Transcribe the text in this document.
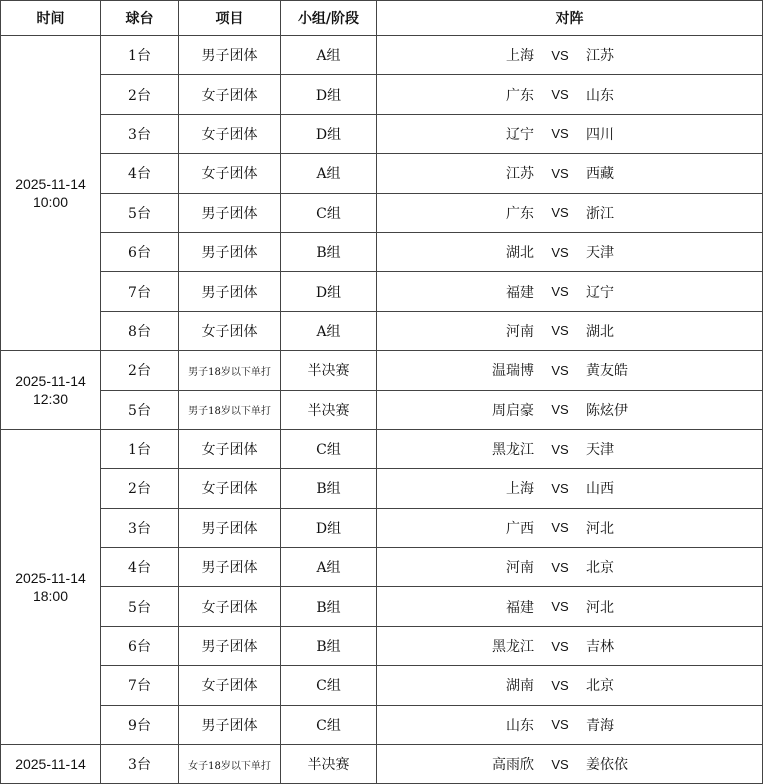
时间	球台	项目	小组/阶段	对阵

2025-11-14
10:00	1台	男子团体	A组	上海 VS 江苏

	2台	女子团体	D组	广东 VS 山东

	3台	女子团体	D组	辽宁 VS 四川

	4台	女子团体	A组	江苏 VS 西藏

	5台	男子团体	C组	广东 VS 浙江

	6台	男子团体	B组	湖北 VS 天津

	7台	男子团体	D组	福建 VS 辽宁

	8台	女子团体	A组	河南 VS 湖北

2025-11-14
12:30	2台	男子18岁以下单打	半决赛	温瑞博 VS 黄友皓

	5台	男子18岁以下单打	半决赛	周启豪 VS 陈炫伊

2025-11-14
18:00	1台	女子团体	C组	黑龙江 VS 天津

	2台	女子团体	B组	上海 VS 山西

	3台	男子团体	D组	广西 VS 河北

	4台	男子团体	A组	河南 VS 北京

	5台	女子团体	B组	福建 VS 河北

	6台	男子团体	B组	黑龙江 VS 吉林

	7台	女子团体	C组	湖南 VS 北京

	9台	男子团体	C组	山东 VS 青海

2025-11-14	3台	女子18岁以下单打	半决赛	高雨欣 VS 姜依依
